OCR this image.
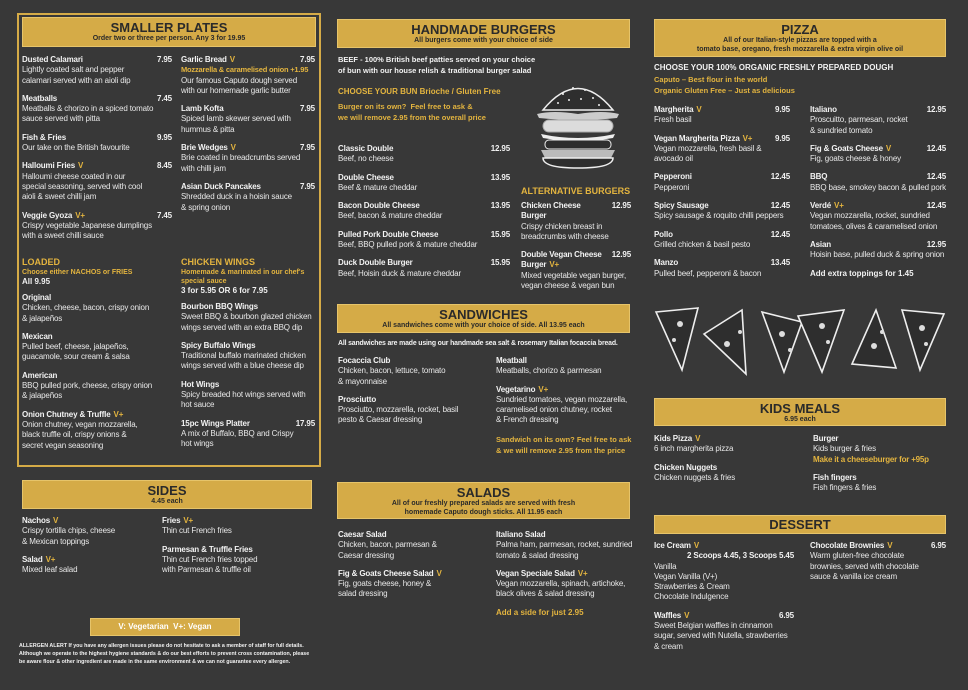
SMALLER PLATES
Order two or three per person. Any 3 for 19.95
Dusted Calamari	7.95
Lightly coated salt and pepper
calamari served with an aioli dip
Meatballs	7.45
Meatballs & chorizo in a spiced tomato
sauce served with pitta
Fish & Fries	9.95
Our take on the British favourite
Halloumi Fries V	8.45
Halloumi cheese coated in our
special seasoning, served with cool
aioli & sweet chilli jam
Veggie Gyoza V+	7.45
Crispy vegetable Japanese dumplings
with a sweet chilli sauce
Garlic Bread V	7.95
Mozzarella & caramelised onion +1.95
Our famous Caputo dough served
with our homemade garlic butter
Lamb Kofta	7.95
Spiced lamb skewer served with
hummus & pitta
Brie Wedges V	7.95
Brie coated in breadcrumbs served
with chilli jam
Asian Duck Pancakes	7.95
Shredded duck in a hoisin sauce
& spring onion
LOADED
Choose either NACHOS or FRIES
All 9.95
Original
Chicken, cheese, bacon, crispy onion
& jalapeños
Mexican
Pulled beef, cheese, jalapeños,
guacamole, sour cream & salsa
American
BBQ pulled pork, cheese, crispy onion
& jalapeños
Onion Chutney & Truffle V+
Onion chutney, vegan mozzarella,
black truffle oil, crispy onions &
secret vegan seasoning
CHICKEN WINGS
Homemade & marinated in our chef's
special sauce
3 for 5.95 OR 6 for 7.95
Bourbon BBQ Wings
Sweet BBQ & bourbon glazed chicken
wings served with an extra BBQ dip
Spicy Buffalo Wings
Traditional buffalo marinated chicken
wings served with a blue cheese dip
Hot Wings
Spicy breaded hot wings served with
hot sauce
15pc Wings Platter	17.95
A mix of Buffalo, BBQ and Crispy
hot wings
SIDES
4.45 each
Nachos V
Crispy tortilla chips, cheese
& Mexican toppings
Salad V+
Mixed leaf salad
Fries V+
Thin cut French fries
Parmesan & Truffle Fries
Thin cut French fries topped
with Parmesan & truffle oil
V: Vegetarian V+: Vegan
ALLERGEN ALERT If you have any allergen issues please do not hesitate to ask a member of staff for full details. Although we operate to the highest hygiene standards & do our best efforts to prevent cross contamination, please be aware flour & other ingredient are made in the same environment & we can not guarantee every allergen.
HANDMADE BURGERS
All burgers come with your choice of side
BEEF - 100% British beef patties served on your choice
of bun with our house relish & traditional burger salad
CHOOSE YOUR BUN Brioche / Gluten Free
Burger on its own?  Feel free to ask &
we will remove 2.95 from the overall price
Classic Double	12.95
Beef, no cheese
Double Cheese	13.95
Beef & mature cheddar
Bacon Double Cheese	13.95
Beef, bacon & mature cheddar
Pulled Pork Double Cheese	15.95
Beef, BBQ pulled pork & mature cheddar
Duck Double Burger	15.95
Beef, Hoisin duck & mature cheddar
ALTERNATIVE BURGERS
Chicken Cheese Burger
12.95
Crispy chicken breast in
breadcrumbs with cheese
Double Vegan Cheese Burger V+
12.95
Mixed vegetable vegan burger,
vegan cheese & vegan bun
SANDWICHES
All sandwiches come with your choice of side. All 13.95 each
All sandwiches are made using our handmade sea salt & rosemary Italian focaccia bread.
Focaccia Club
Chicken, bacon, lettuce, tomato
& mayonnaise
Prosciutto
Prosciutto, mozzarella, rocket, basil
pesto & Caesar dressing
Meatball
Meatballs, chorizo & parmesan
Vegetarino V+
Sundried tomatoes, vegan mozzarella,
caramelised onion chutney, rocket
& French dressing
Sandwich on its own? Feel free to ask
& we will remove 2.95 from the price
SALADS
All of our freshly prepared salads are served with fresh
homemade Caputo dough sticks. All 11.95 each
Caesar Salad
Chicken, bacon, parmesan &
Caesar dressing
Fig & Goats Cheese Salad V
Fig, goats cheese, honey &
salad dressing
Italiano Salad
Palma ham, parmesan, rocket, sundried
tomato & salad dressing
Vegan Speciale Salad V+
Vegan mozzarella, spinach, artichoke,
black olives & salad dressing
Add a side for just 2.95
PIZZA
All of our Italian-style pizzas are topped with a
tomato base, oregano, fresh mozzarella & extra virgin olive oil
CHOOSE YOUR 100% ORGANIC FRESHLY PREPARED DOUGH
Caputo – Best flour in the world
Organic Gluten Free – Just as delicious
Margherita V	9.95
Fresh basil
Vegan Margherita Pizza V+	9.95
Vegan mozzarella, fresh basil &
avocado oil
Pepperoni	12.45
Pepperoni
Spicy Sausage	12.45
Spicy sausage & roquito chilli peppers
Pollo	12.45
Grilled chicken & basil pesto
Manzo	13.45
Pulled beef, pepperoni & bacon
Italiano	12.95
Proscuitto, parmesan, rocket
& sundried tomato
Fig & Goats Cheese V	12.45
Fig, goats cheese & honey
BBQ	12.45
BBQ base, smokey bacon & pulled pork
Verdé V+	12.45
Vegan mozzarella, rocket, sundried
tomatoes, olives & caramelised onion
Asian	12.95
Hoisin base, pulled duck & spring onion
Add extra toppings for 1.45
KIDS MEALS
6.95 each
Kids Pizza V
6 inch margherita pizza
Chicken Nuggets
Chicken nuggets & fries
Burger
Kids burger & fries
Make it a cheeseburger for +95p
Fish fingers
Fish fingers & fries
DESSERT
Ice Cream V
2 Scoops 4.45, 3 Scoops 5.45
Vanilla
Vegan Vanilla (V+)
Strawberries & Cream
Chocolate Indulgence
Waffles V	6.95
Sweet Belgian waffles in cinnamon
sugar, served with Nutella, strawberries
& cream
Chocolate Brownies V	6.95
Warm gluten-free chocolate
brownies, served with chocolate
sauce & vanilla ice cream
